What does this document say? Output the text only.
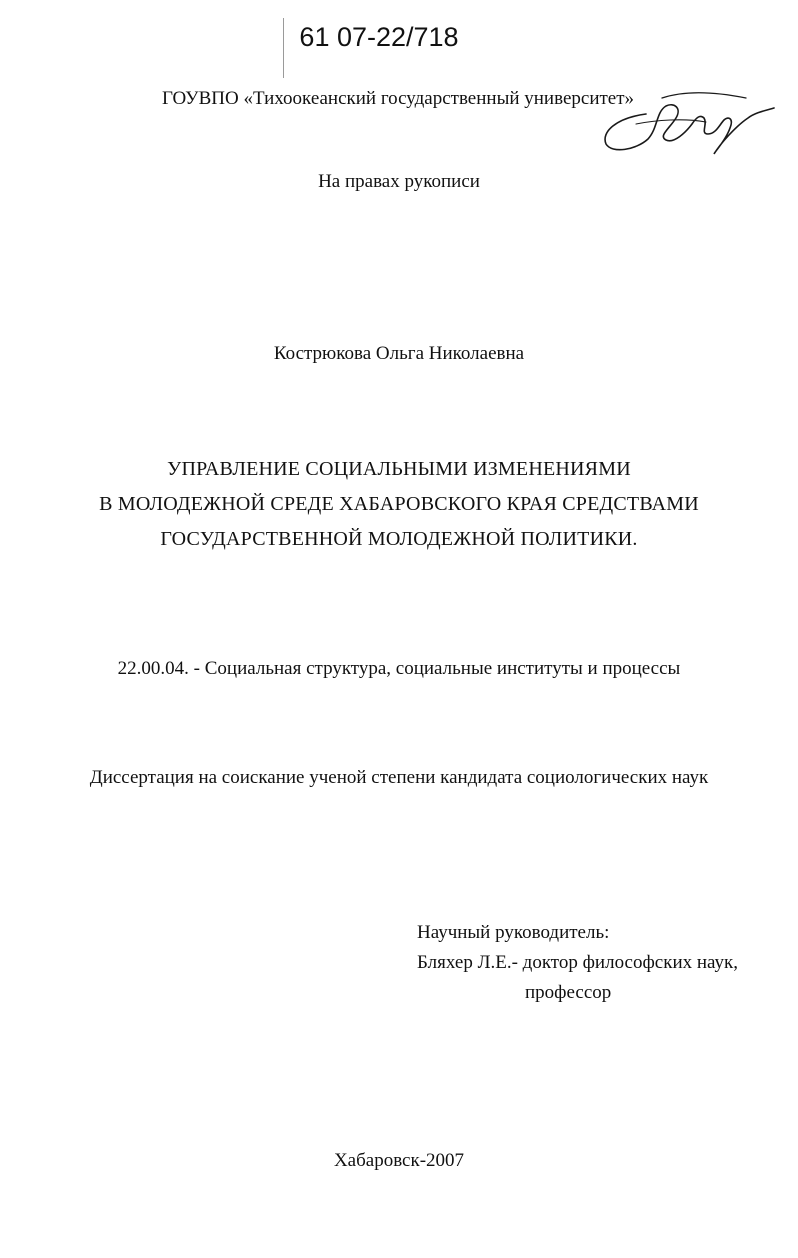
61 07-22/718
ГОУВПО «Тихоокеанский государственный университет»
На правах рукописи
Кострюкова Ольга Николаевна
УПРАВЛЕНИЕ СОЦИАЛЬНЫМИ ИЗМЕНЕНИЯМИ
В МОЛОДЕЖНОЙ СРЕДЕ ХАБАРОВСКОГО КРАЯ СРЕДСТВАМИ
ГОСУДАРСТВЕННОЙ МОЛОДЕЖНОЙ ПОЛИТИКИ.
22.00.04. - Социальная структура, социальные институты и процессы
Диссертация на соискание ученой степени кандидата социологических наук
Научный руководитель:
Бляхер Л.Е.- доктор философских наук,
профессор
Хабаровск-2007
